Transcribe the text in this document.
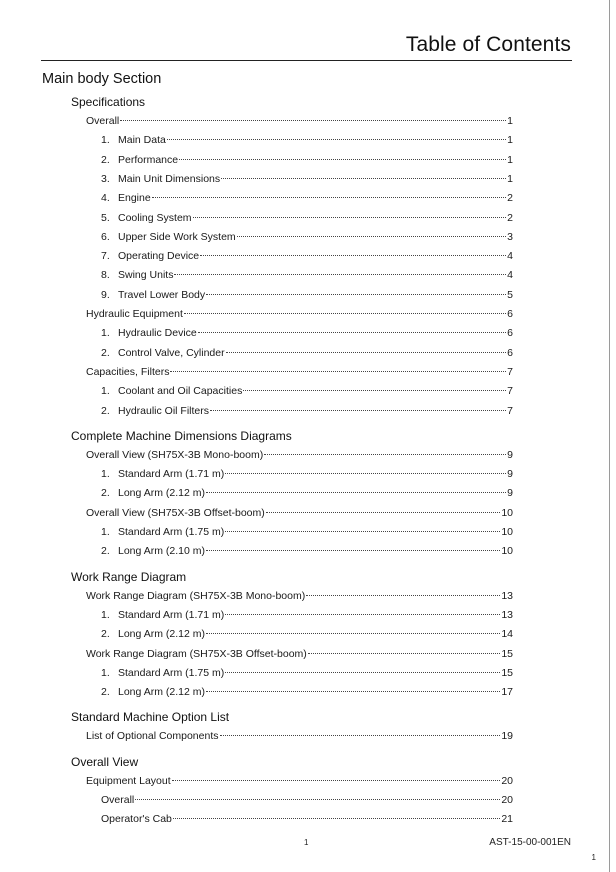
Table of Contents
Main body Section
Specifications
Overall	1
1. Main Data	1
2. Performance	1
3. Main Unit Dimensions	1
4. Engine	2
5. Cooling System	2
6. Upper Side Work System	3
7. Operating Device	4
8. Swing Units	4
9. Travel Lower Body	5
Hydraulic Equipment	6
1. Hydraulic Device	6
2. Control Valve, Cylinder	6
Capacities, Filters	7
1. Coolant and Oil Capacities	7
2. Hydraulic Oil Filters	7
Complete Machine Dimensions Diagrams
Overall View (SH75X-3B Mono-boom)	9
1. Standard Arm (1.71 m)	9
2. Long Arm (2.12 m)	9
Overall View (SH75X-3B Offset-boom)	10
1. Standard Arm (1.75 m)	10
2. Long Arm (2.10 m)	10
Work Range Diagram
Work Range Diagram (SH75X-3B Mono-boom)	13
1. Standard Arm (1.71 m)	13
2. Long Arm (2.12 m)	14
Work Range Diagram (SH75X-3B Offset-boom)	15
1. Standard Arm (1.75 m)	15
2. Long Arm (2.12 m)	17
Standard Machine Option List
List of Optional Components	19
Overall View
Equipment Layout	20
Overall	20
Operator's Cab	21
1	AST-15-00-001EN
1
